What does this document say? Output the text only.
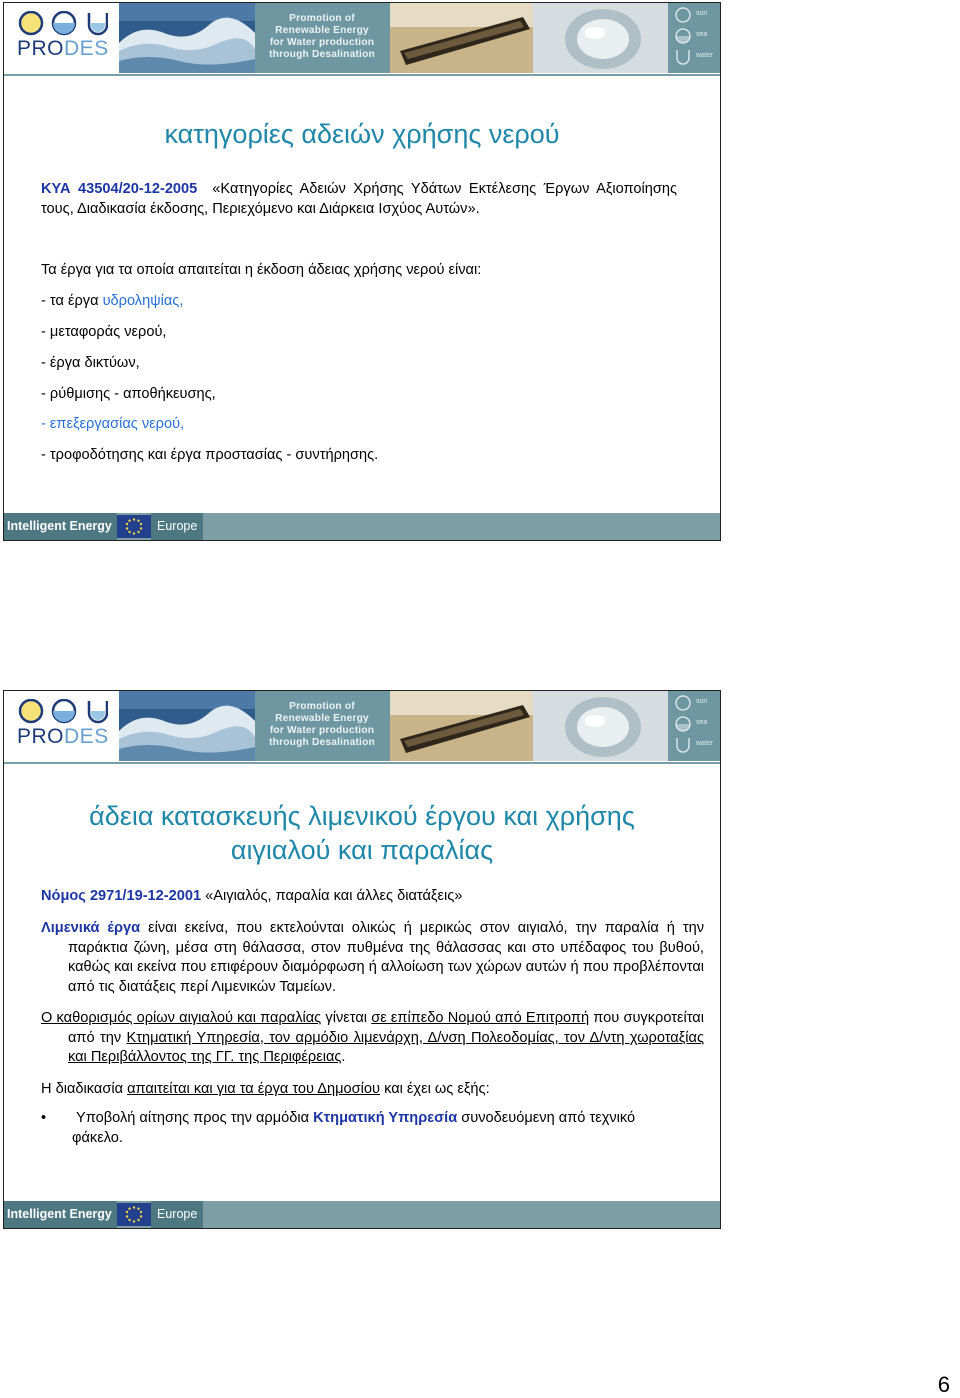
PRODES
Promotion of
Renewable Energy
for Water production
through Desalination
sun
sea
water
κατηγορίες αδειών χρήσης νερού
ΚΥΑ 43504/20-12-2005 «Κατηγορίες Αδειών Χρήσης Υδάτων Εκτέλεσης Έργων Αξιοποίησης τους, Διαδικασία έκδοσης, Περιεχόμενο και Διάρκεια Ισχύος Αυτών».
Τα έργα για τα οποία απαιτείται η έκδοση άδειας χρήσης νερού είναι:
- τα έργα υδροληψίας,
- μεταφοράς νερού,
- έργα δικτύων,
- ρύθμισης - αποθήκευσης,
- επεξεργασίας νερού,
- τροφοδότησης και έργα προστασίας - συντήρησης.
Intelligent Energy	Europe
PRODES
Promotion of
Renewable Energy
for Water production
through Desalination
sun
sea
water
άδεια κατασκευής λιμενικού έργου και χρήσης
αιγιαλού και παραλίας
Νόμος 2971/19-12-2001 «Αιγιαλός, παραλία και άλλες διατάξεις»

Λιμενικά έργα είναι εκείνα, που εκτελούνται ολικώς ή μερικώς στον αιγιαλό, την παραλία ή την παράκτια ζώνη, μέσα στη θάλασσα, στον πυθμένα της θάλασσας και στο υπέδαφος του βυθού, καθώς και εκείνα που επιφέρουν διαμόρφωση ή αλλοίωση των χώρων αυτών ή που προβλέπονται από τις διατάξεις περί Λιμενικών Ταμείων.

Ο καθορισμός ορίων αιγιαλού και παραλίας γίνεται σε επίπεδο Νομού από Επιτροπή που συγκροτείται από την Κτηματική Υπηρεσία, τον αρμόδιο λιμενάρχη, Δ/νση Πολεοδομίας, τον Δ/ντη χωροταξίας και Περιβάλλοντος της ΓΓ. της Περιφέρειας.

Η διαδικασία απαιτείται και για τα έργα του Δημοσίου και έχει ως εξής:

•	Υποβολή αίτησης προς την αρμόδια Κτηματική Υπηρεσία συνοδευόμενη από τεχνικό φάκελο.

Intelligent Energy	Europe
6
